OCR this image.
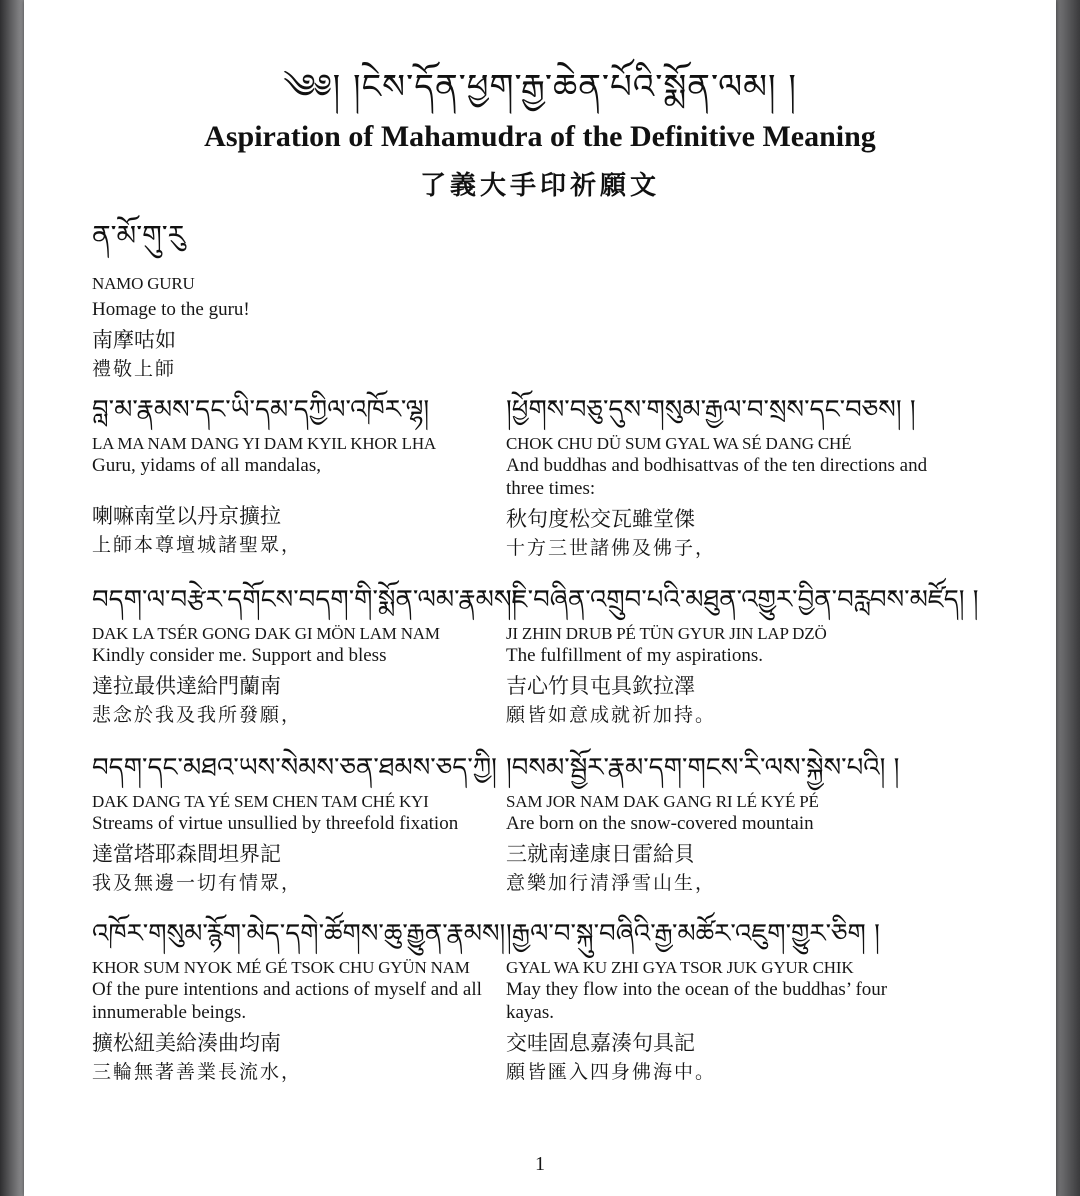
༄༅། །ངེས་དོན་ཕྱག་རྒྱ་ཆེན་པོའི་སྨོན་ལམ། །
Aspiration of Mahamudra of the Definitive Meaning
了義大手印祈願文
ན་མོ་གུ་རུ
NAMO GURU
Homage to the guru!
南摩咕如
禮敬上師
བླ་མ་རྣམས་དང་ཡི་དམ་དཀྱིལ་འཁོར་ལྷ།
LA MA NAM DANG YI DAM KYIL KHOR LHA
Guru, yidams of all mandalas,
喇嘛南堂以丹京擴拉
上師本尊壇城諸聖眾，
།ཕྱོགས་བཅུ་དུས་གསུམ་རྒྱལ་བ་སྲས་དང་བཅས། །
CHOK CHU DÜ SUM GYAL WA SÉ DANG CHÉ
And buddhas and bodhisattvas of the ten directions and three times:
秋句度松交瓦雖堂傑
十方三世諸佛及佛子，
བདག་ལ་བརྩེར་དགོངས་བདག་གི་སྨོན་ལམ་རྣམས།
DAK LA TSÉR GONG DAK GI MÖN LAM NAM
Kindly consider me. Support and bless
達拉最供達給門蘭南
悲念於我及我所發願，
།ཇི་བཞིན་འགྲུབ་པའི་མཐུན་འགྱུར་བྱིན་བརླབས་མཛོད། །
JI ZHIN DRUB PÉ TÜN GYUR JIN LAP DZÖ
The fulfillment of my aspirations.
吉心竹貝屯具欽拉澤
願皆如意成就祈加持。
བདག་དང་མཐའ་ཡས་སེམས་ཅན་ཐམས་ཅད་ཀྱི།
DAK DANG TA YÉ SEM CHEN TAM CHÉ KYI
Streams of virtue unsullied by threefold fixation
達當塔耶森間坦界記
我及無邊一切有情眾，
།བསམ་སྦྱོར་རྣམ་དག་གངས་རི་ལས་སྐྱེས་པའི། །
SAM JOR NAM DAK GANG RI LÉ KYÉ PÉ
Are born on the snow-covered mountain
三就南達康日雷給貝
意樂加行清淨雪山生，
འཁོར་གསུམ་རྙོག་མེད་དགེ་ཚོགས་ཆུ་རྒྱུན་རྣམས།
KHOR SUM NYOK MÉ GÉ TSOK CHU GYÜN NAM
Of the pure intentions and actions of myself and all innumerable beings.
擴松紐美給湊曲均南
三輪無著善業長流水，
།རྒྱལ་བ་སྐུ་བཞིའི་རྒྱ་མཚོར་འཇུག་གྱུར་ཅིག །
GYAL WA KU ZHI GYA TSOR JUK GYUR CHIK
May they flow into the ocean of the buddhas’ four kayas.
交哇固息嘉湊句具記
願皆匯入四身佛海中。
1
